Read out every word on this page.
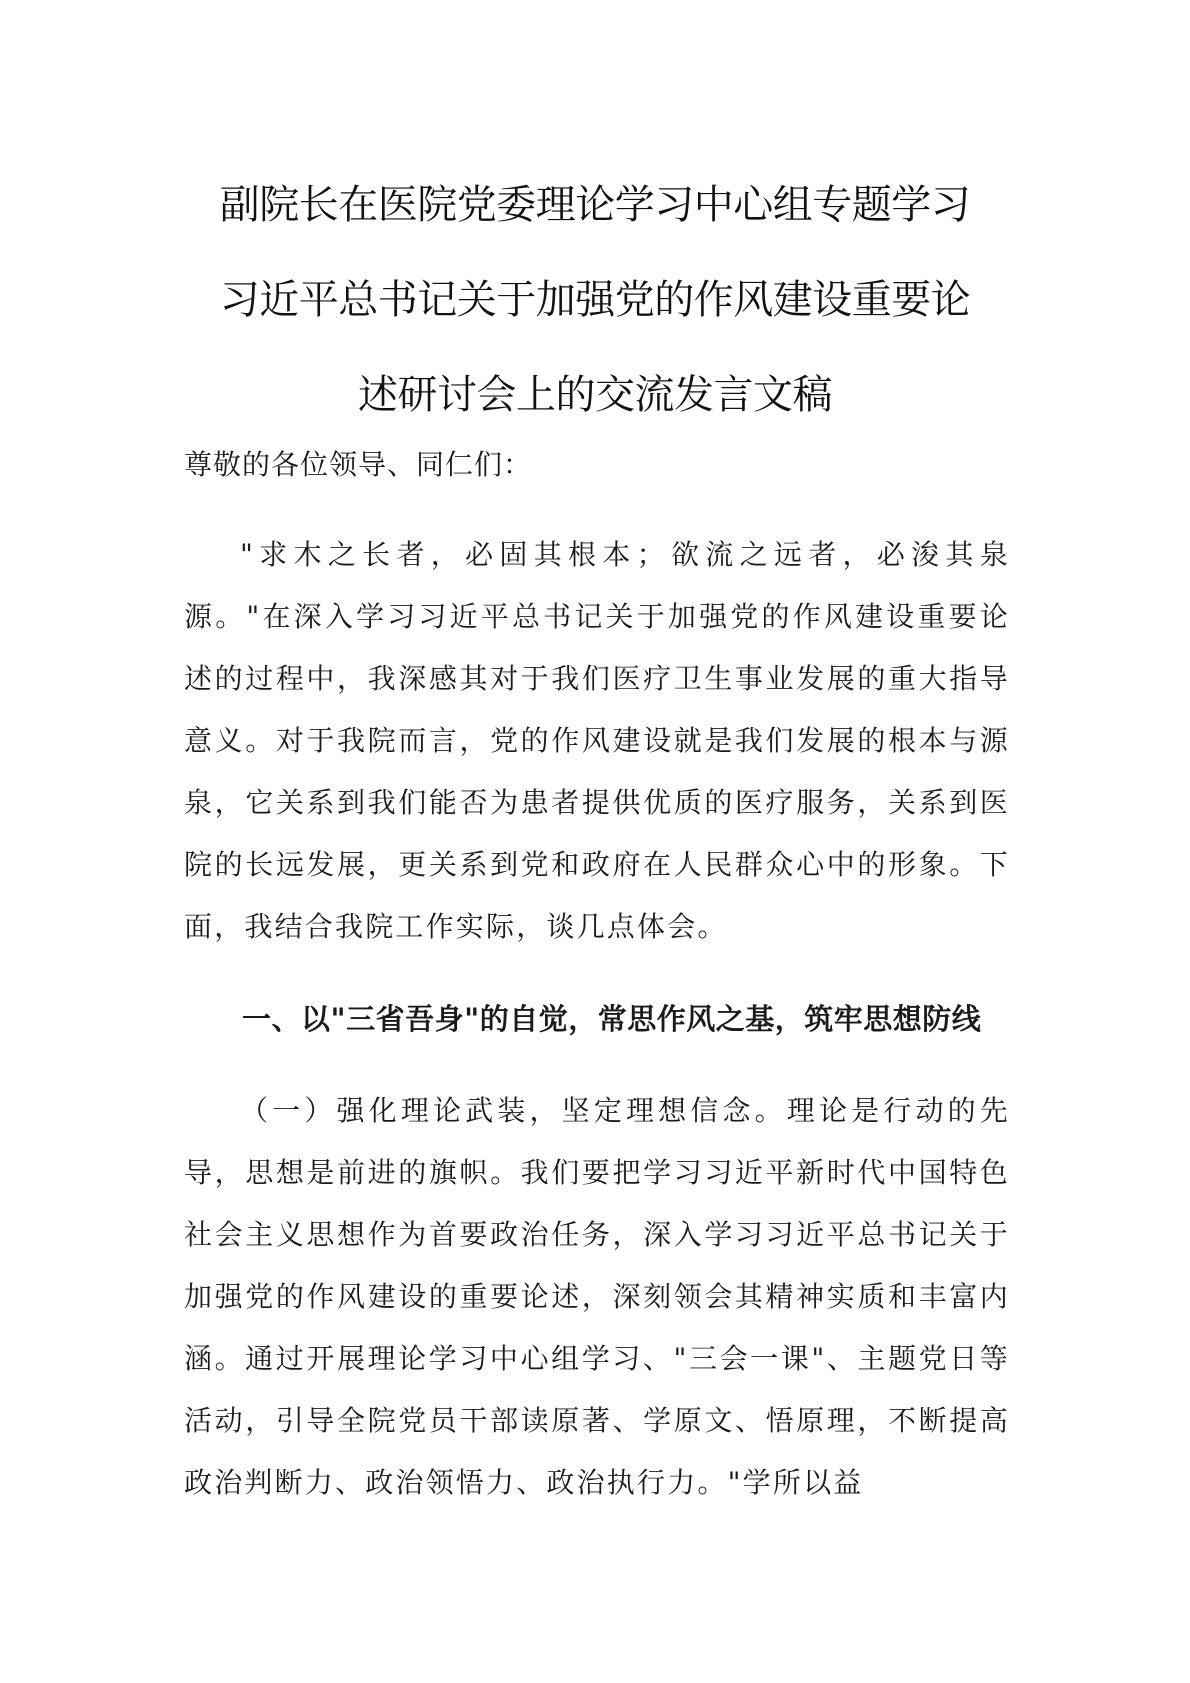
副院长在医院党委理论学习中心组专题学习
习近平总书记关于加强党的作风建设重要论
述研讨会上的交流发言文稿

尊敬的各位领导、同仁们：

"求木之长者，必固其根本；欲流之远者，必浚其泉源。"在深入学习习近平总书记关于加强党的作风建设重要论述的过程中，我深感其对于我们医疗卫生事业发展的重大指导意义。对于我院而言，党的作风建设就是我们发展的根本与源泉，它关系到我们能否为患者提供优质的医疗服务，关系到医院的长远发展，更关系到党和政府在人民群众心中的形象。下面，我结合我院工作实际，谈几点体会。

一、以"三省吾身"的自觉，常思作风之基，筑牢思想防线

（一）强化理论武装，坚定理想信念。理论是行动的先导，思想是前进的旗帜。我们要把学习习近平新时代中国特色社会主义思想作为首要政治任务，深入学习习近平总书记关于加强党的作风建设的重要论述，深刻领会其精神实质和丰富内涵。通过开展理论学习中心组学习、"三会一课"、主题党日等活动，引导全院党员干部读原著、学原文、悟原理，不断提高政治判断力、政治领悟力、政治执行力。"学所以益
